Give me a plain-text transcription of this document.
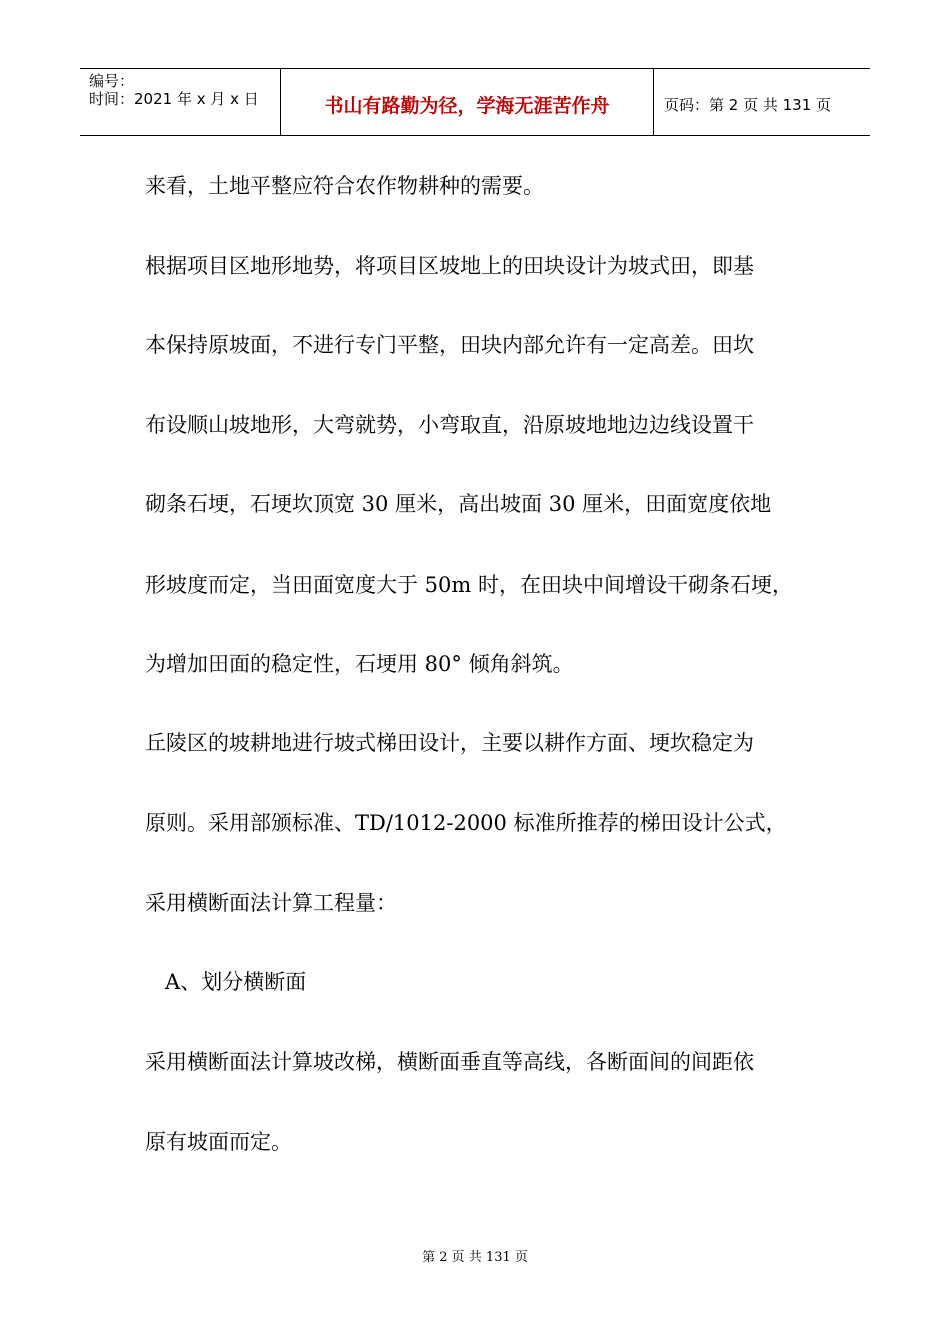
编号：
时间：2021 年 x 月 x 日	书山有路勤为径，学海无涯苦作舟	页码：第 2 页 共 131 页

来看，土地平整应符合农作物耕种的需要。

根据项目区地形地势，将项目区坡地上的田块设计为坡式田，即基

本保持原坡面，不进行专门平整，田块内部允许有一定高差。田坎

布设顺山坡地形，大弯就势，小弯取直，沿原坡地地边边线设置干

砌条石埂，石埂坎顶宽 30 厘米，高出坡面 30 厘米，田面宽度依地

形坡度而定，当田面宽度大于 50m 时，在田块中间增设干砌条石埂，

为增加田面的稳定性，石埂用 80° 倾角斜筑。

丘陵区的坡耕地进行坡式梯田设计，主要以耕作方面、埂坎稳定为

原则。采用部颁标准、TD/1012-2000 标准所推荐的梯田设计公式，

采用横断面法计算工程量：

A、划分横断面

采用横断面法计算坡改梯，横断面垂直等高线，各断面间的间距依

原有坡面而定。

第 2 页 共 131 页
